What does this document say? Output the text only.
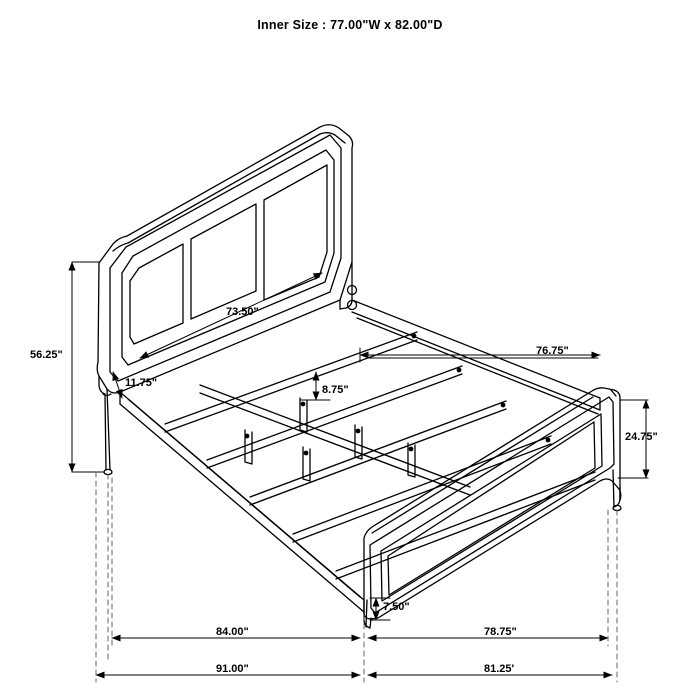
Inner Size : 77.00"W x 82.00"D
56.25"
73.50"
11.75"
8.75"
76.75"
24.75"
7.50"
84.00"	78.75"
91.00"	81.25'
